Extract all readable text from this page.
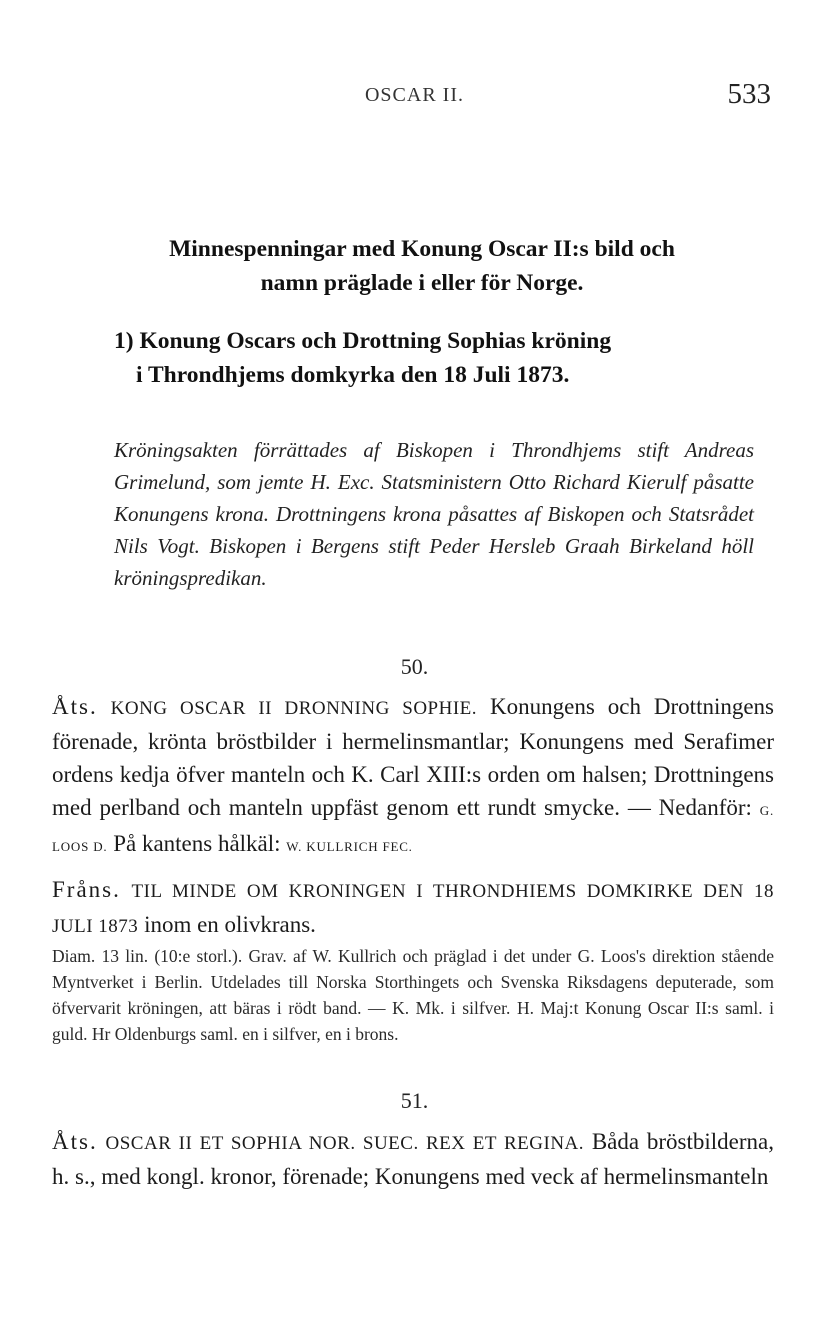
OSCAR II.	533
Minnespenningar med Konung Oscar II:s bild och
namn präglade i eller för Norge.
1) Konung Oscars och Drottning Sophias kröning
i Throndhjems domkyrka den 18 Juli 1873.

Kröningsakten förrättades af Biskopen i Throndhjems stift Andreas Grimelund, som jemte H. Exc. Statsministern Otto Richard Kierulf påsatte Konungens krona. Drottningens krona påsattes af Biskopen och Statsrådet Nils Vogt. Biskopen i Bergens stift Peder Hersleb Graah Birkeland höll kröningspredikan.

50.

Åts. KONG OSCAR II DRONNING SOPHIE. Konungens och Drottningens förenade, krönta bröstbilder i hermelinsmantlar; Konungens med Serafimer ordens kedja öfver manteln och K. Carl XIII:s orden om halsen; Drottningens med perlband och manteln uppfäst genom ett rundt smycke. — Nedanför: G. LOOS D. På kantens hålkäl: W. KULLRICH FEC.

Fråns. TIL MINDE OM KRONINGEN I THRONDHIEMS DOMKIRKE DEN 18 JULI 1873 inom en olivkrans.

Diam. 13 lin. (10:e storl.). Grav. af W. Kullrich och präglad i det under G. Loos's direktion stående Myntverket i Berlin. Utdelades till Norska Storthingets och Svenska Riksdagens deputerade, som öfvervarit kröningen, att bäras i rödt band. — K. Mk. i silfver. H. Maj:t Konung Oscar II:s saml. i guld. Hr Oldenburgs saml. en i silfver, en i brons.

51.

Åts. OSCAR II ET SOPHIA NOR. SUEC. REX ET REGINA. Båda bröstbilderna, h. s., med kongl. kronor, förenade; Konungens med veck af hermelinsmanteln
